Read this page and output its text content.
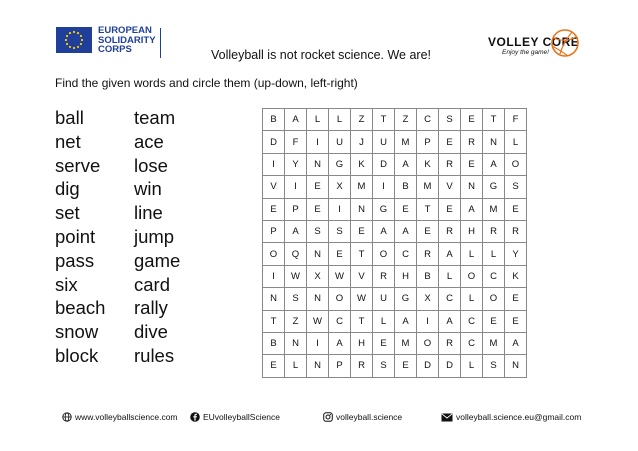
EUROPEAN
SOLIDARITY
CORPS	Volleyball is not rocket science. We are!
VOLLEY CORE
Enjoy the game!
Find the given words and circle them (up-down, left-right)
ball
net
serve
dig
set
point
pass
six
beach
snow
block
team
ace
lose
win
line
jump
game
card
rally
dive
rules
B	A	L	L	Z	T	Z	C	S	E	T	F
D	F	I	U	J	U	M	P	E	R	N	L
I	Y	N	G	K	D	A	K	R	E	A	O
V	I	E	X	M	I	B	M	V	N	G	S
E	P	E	I	N	G	E	T	E	A	M	E
P	A	S	S	E	A	A	E	R	H	R	R
O	Q	N	E	T	O	C	R	A	L	L	Y
I	W	X	W	V	R	H	B	L	O	C	K
N	S	N	O	W	U	G	X	C	L	O	E
T	Z	W	C	T	L	A	I	A	C	E	E
B	N	I	A	H	E	M	O	R	C	M	A
E	L	N	P	R	S	E	D	D	L	S	N
www.volleyballscience.com	EUvolleyballScience	volleyball.science	volleyball.science.eu@gmail.com
